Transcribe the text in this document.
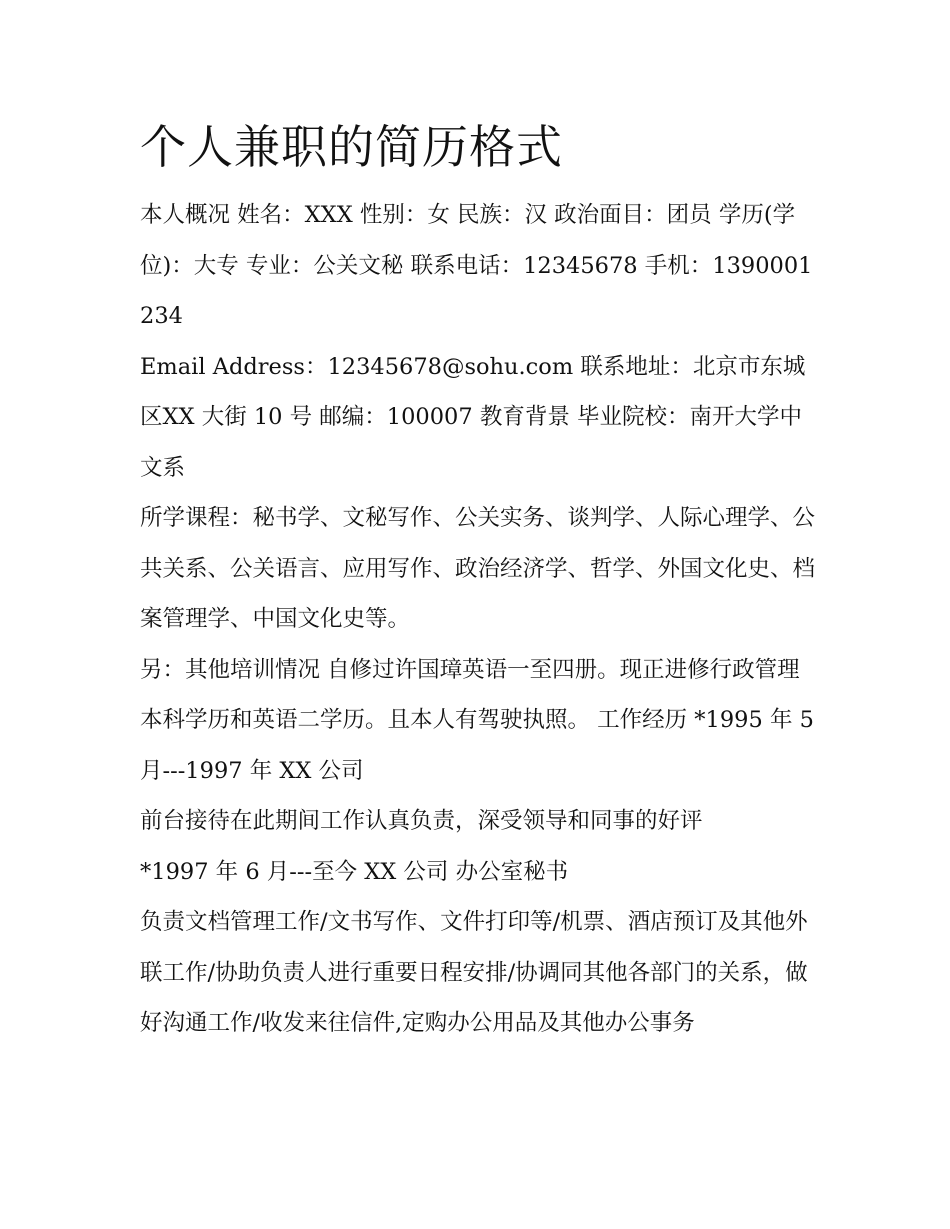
个人兼职的简历格式

本人概况 姓名：XXX 性别：女 民族：汉 政治面目：团员 学历(学位)：大专 专业：公关文秘 联系电话：12345678 手机：1390001234

Email Address：12345678@sohu.com 联系地址：北京市东城区XX 大街 10 号 邮编：100007 教育背景 毕业院校：南开大学中文系

所学课程：秘书学、文秘写作、公关实务、谈判学、人际心理学、公共关系、公关语言、应用写作、政治经济学、哲学、外国文化史、档案管理学、中国文化史等。

另：其他培训情况 自修过许国璋英语一至四册。现正进修行政管理本科学历和英语二学历。且本人有驾驶执照。 工作经历 *1995 年 5 月---1997 年 XX 公司

前台接待在此期间工作认真负责，深受领导和同事的好评

*1997 年 6 月---至今 XX 公司 办公室秘书

负责文档管理工作/文书写作、文件打印等/机票、酒店预订及其他外联工作/协助负责人进行重要日程安排/协调同其他各部门的关系，做好沟通工作/收发来往信件,定购办公用品及其他办公事务
